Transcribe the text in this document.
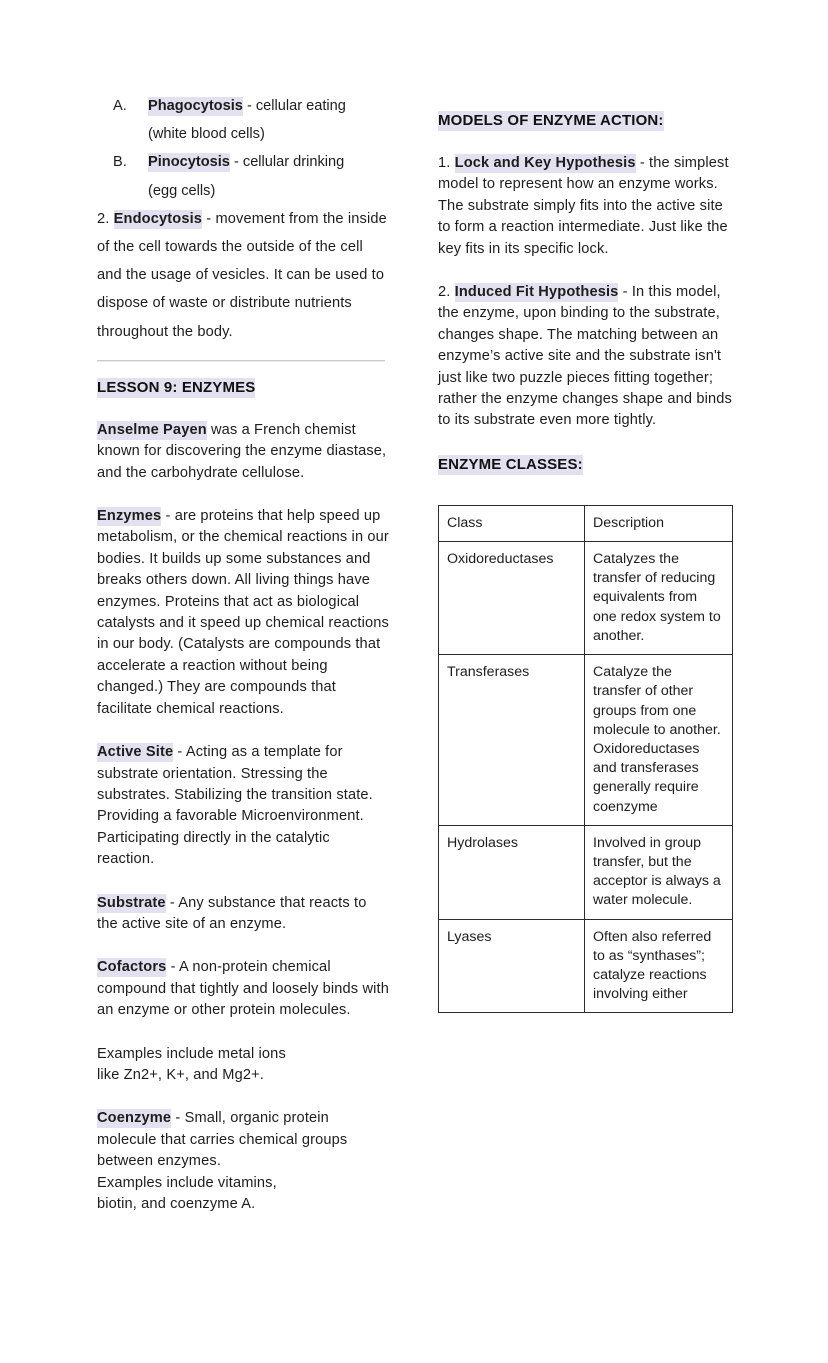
A.	Phagocytosis - cellular eating
(white blood cells)
B.	Pinocytosis - cellular drinking
(egg cells)

2. Endocytosis - movement from the inside of the cell towards the outside of the cell and the usage of vesicles. It can be used to dispose of waste or distribute nutrients throughout the body.

LESSON 9: ENZYMES

Anselme Payen was a French chemist known for discovering the enzyme diastase, and the carbohydrate cellulose.

Enzymes - are proteins that help speed up metabolism, or the chemical reactions in our bodies. It builds up some substances and breaks others down. All living things have enzymes. Proteins that act as biological catalysts and it speed up chemical reactions in our body. (Catalysts are compounds that accelerate a reaction without being changed.) They are compounds that facilitate chemical reactions.

Active Site - Acting as a template for substrate orientation. Stressing the substrates. Stabilizing the transition state. Providing a favorable Microenvironment. Participating directly in the catalytic reaction.

Substrate - Any substance that reacts to the active site of an enzyme.

Cofactors - A non-protein chemical compound that tightly and loosely binds with an enzyme or other protein molecules.

Examples include metal ions
like Zn2+, K+, and Mg2+.

Coenzyme - Small, organic protein molecule that carries chemical groups between enzymes.
Examples include vitamins,
biotin, and coenzyme A.

MODELS OF ENZYME ACTION:

1. Lock and Key Hypothesis - the simplest model to represent how an enzyme works. The substrate simply fits into the active site to form a reaction intermediate. Just like the key fits in its specific lock.

2. Induced Fit Hypothesis - In this model, the enzyme, upon binding to the substrate, changes shape. The matching between an enzyme’s active site and the substrate isn't just like two puzzle pieces fitting together; rather the enzyme changes shape and binds to its substrate even more tightly.

ENZYME CLASSES:

Class	Description
Oxidoreductases	Catalyzes the transfer of reducing equivalents from one redox system to another.
Transferases	Catalyze the transfer of other groups from one molecule to another. Oxidoreductases and transferases generally require coenzyme
Hydrolases	Involved in group transfer, but the acceptor is always a water molecule.
Lyases	Often also referred to as “synthases”; catalyze reactions involving either
